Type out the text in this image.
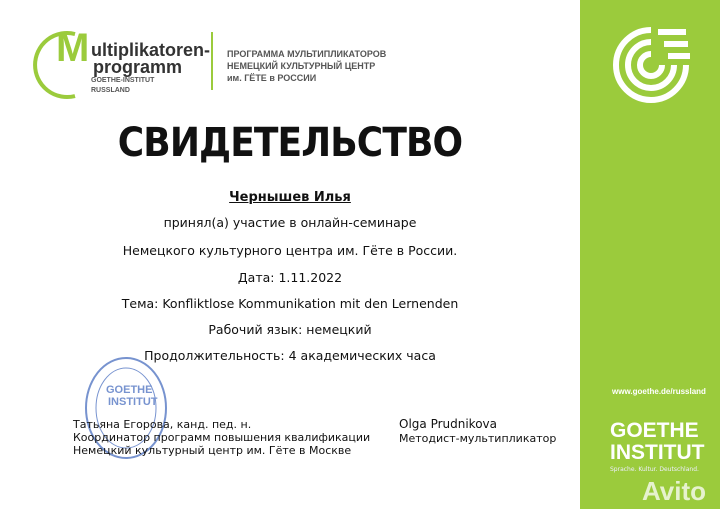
www.goethe.de/russland
GOETHE
INSTITUT
Sprache. Kultur. Deutschland.
Avito
M ultiplikatoren-
programm
GOETHE-INSTITUT
RUSSLAND
ПРОГРАММА МУЛЬТИПЛИКАТОРОВ
НЕМЕЦКИЙ КУЛЬТУРНЫЙ ЦЕНТР
им. ГЁТЕ в РОССИИ
СВИДЕТЕЛЬСТВО
Чернышев Илья
принял(а) участие в онлайн-семинаре
Немецкого культурного центра им. Гёте в России.
Дата: 1.11.2022
Тема: Konfliktlose Kommunikation mit den Lernenden
Рабочий язык: немецкий
Продолжительность: 4 академических часа
GOETHE
INSTITUT
Татьяна Егорова, канд. пед. н.
Координатор программ повышения квалификации
Немецкий культурный центр им. Гёте в Москве
Olga Prudnikova
Методист-мультипликатор
